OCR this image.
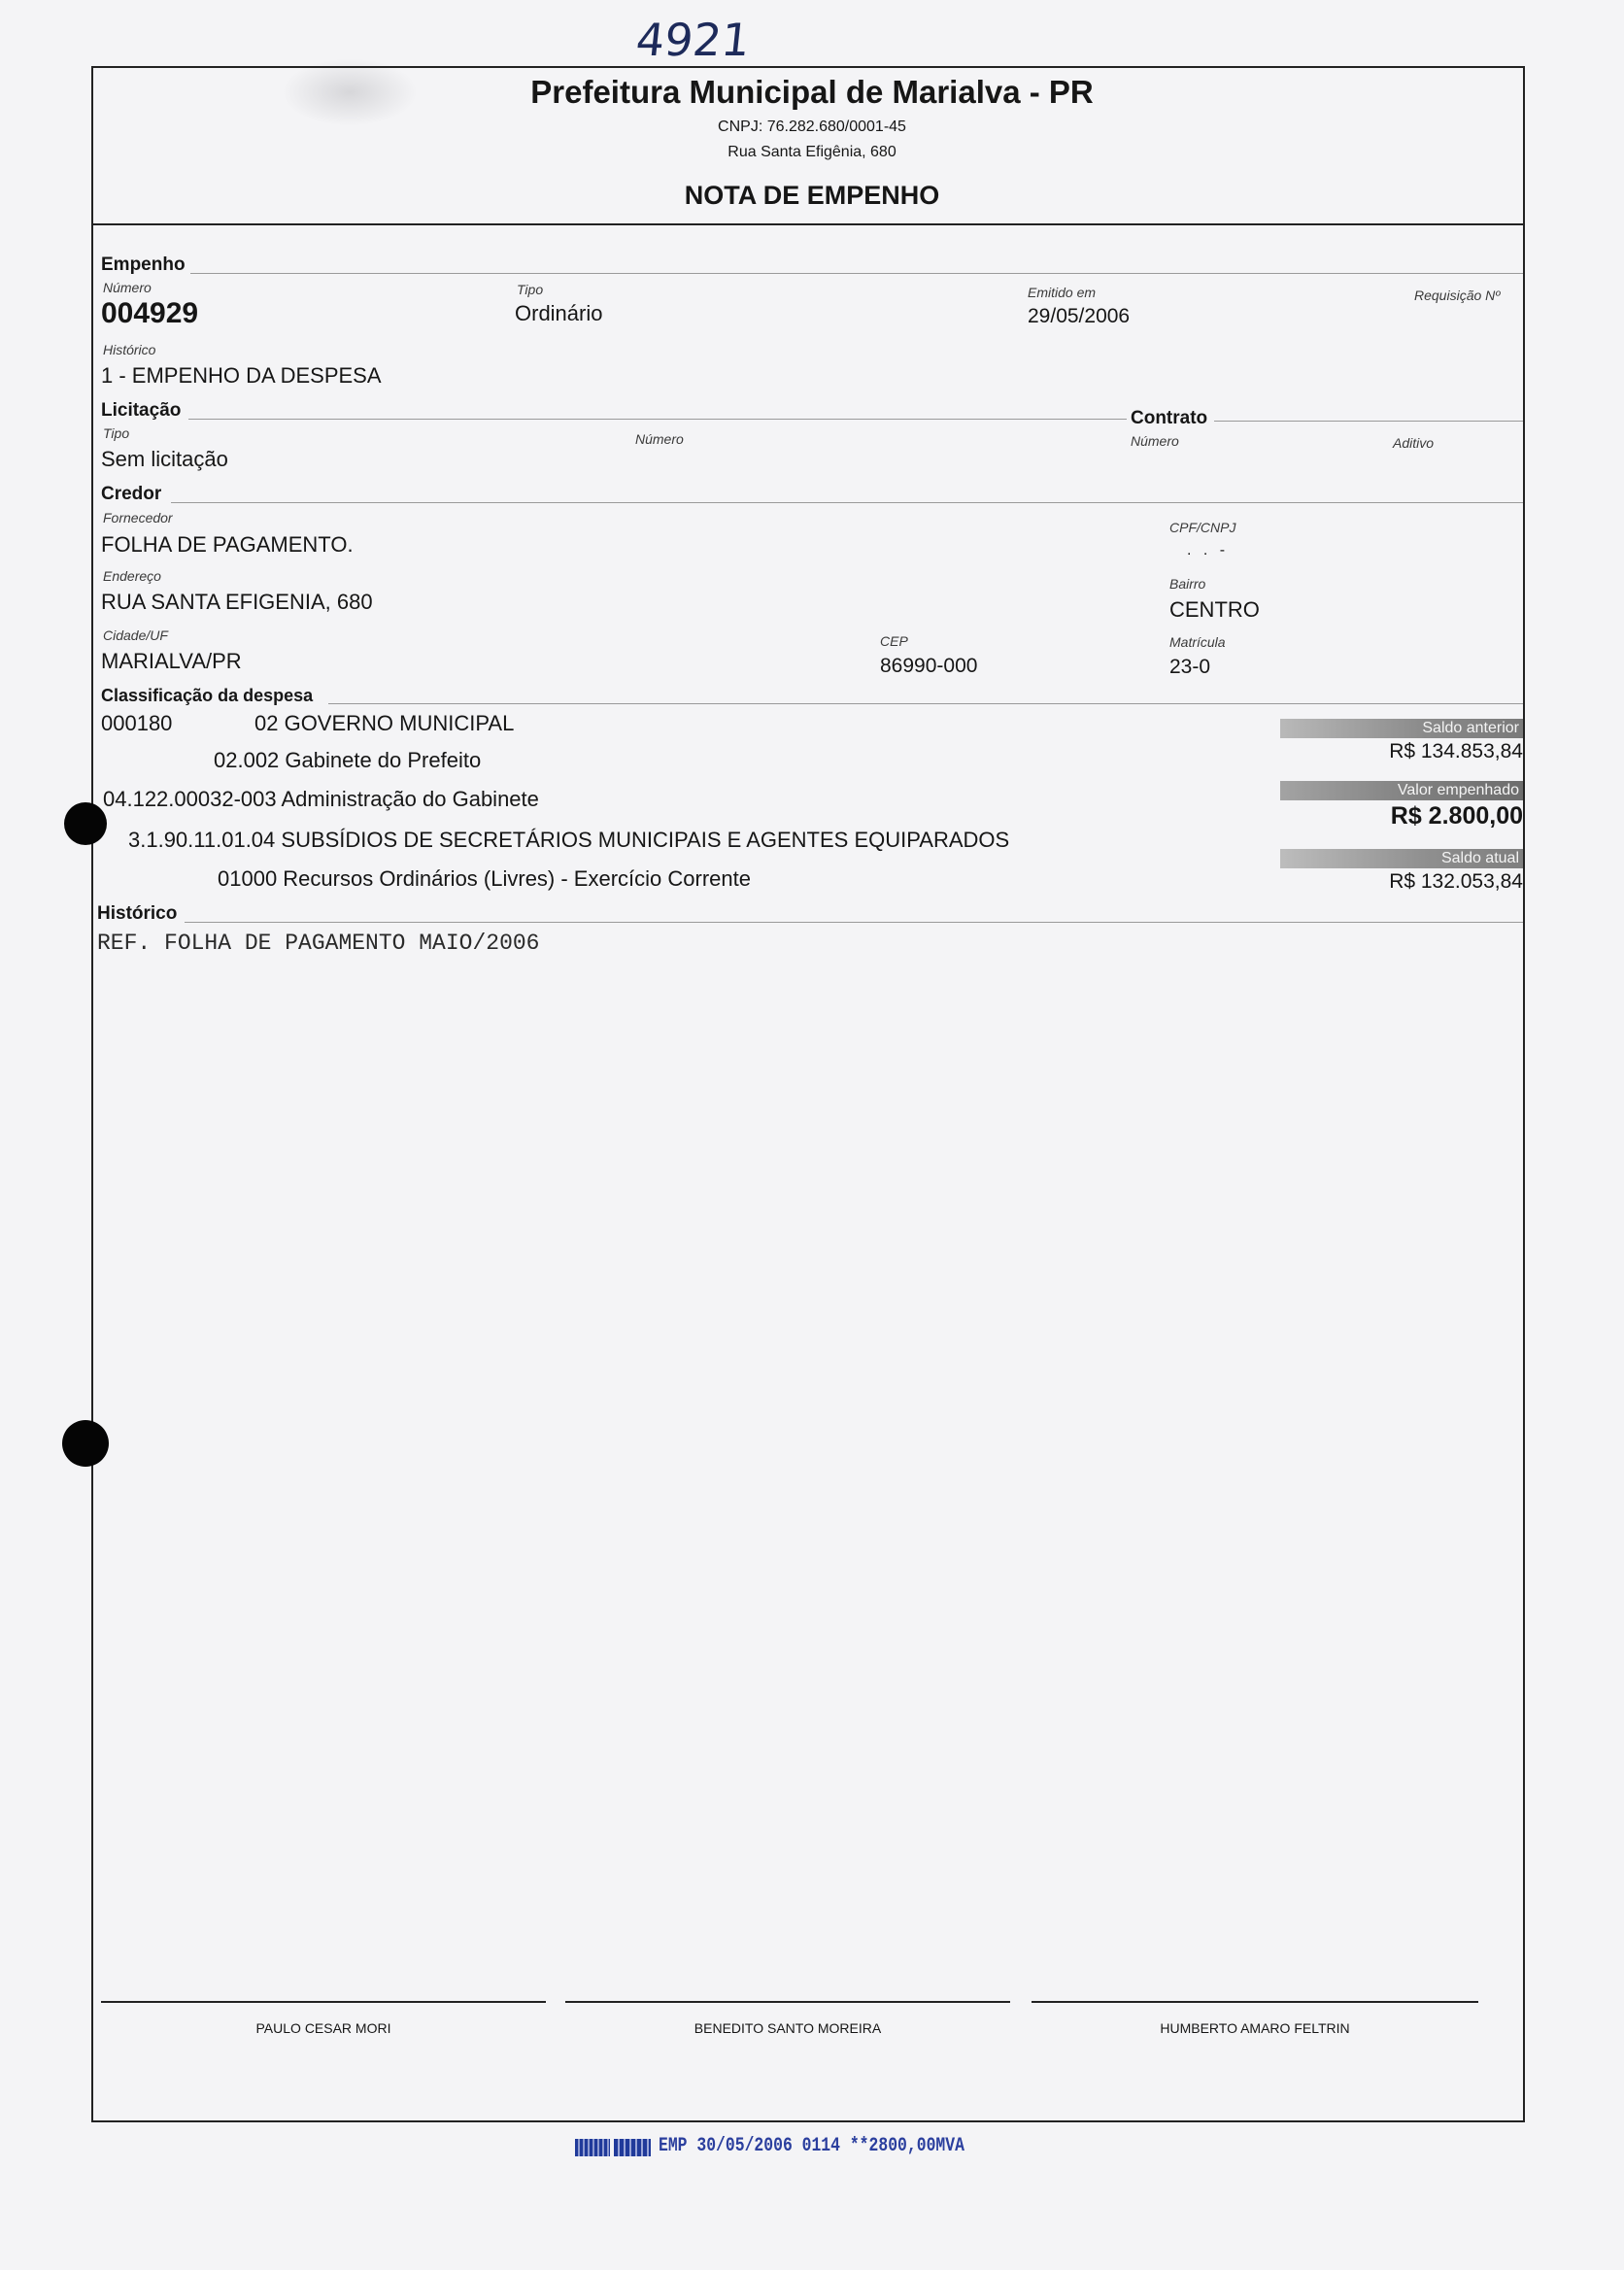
4921
Prefeitura Municipal de Marialva - PR
CNPJ: 76.282.680/0001-45
Rua Santa Efigênia, 680
NOTA DE EMPENHO
Empenho
Número
004929
Tipo
Ordinário
Emitido em
29/05/2006
Requisição Nº
Histórico
1 - EMPENHO DA DESPESA
Licitação
Tipo
Sem licitação
Número
Contrato
Número	Aditivo
Credor
Fornecedor
FOLHA DE PAGAMENTO.
CPF/CNPJ
. . -
Endereço
RUA SANTA EFIGENIA, 680
Bairro
CENTRO
Cidade/UF
MARIALVA/PR
CEP
86990-000
Matrícula
23-0
Classificação da despesa
000180	02 GOVERNO MUNICIPAL
02.002 Gabinete do Prefeito
04.122.00032-003 Administração do Gabinete
3.1.90.11.01.04 SUBSÍDIOS DE SECRETÁRIOS MUNICIPAIS E AGENTES EQUIPARADOS
01000 Recursos Ordinários (Livres) - Exercício Corrente
Saldo anterior
R$ 134.853,84
Valor empenhado
R$ 2.800,00
Saldo atual
R$ 132.053,84
Histórico
REF. FOLHA DE PAGAMENTO MAIO/2006
PAULO CESAR MORI	BENEDITO SANTO MOREIRA	HUMBERTO AMARO FELTRIN
EMP 30/05/2006 0114 **2800,00MVA
